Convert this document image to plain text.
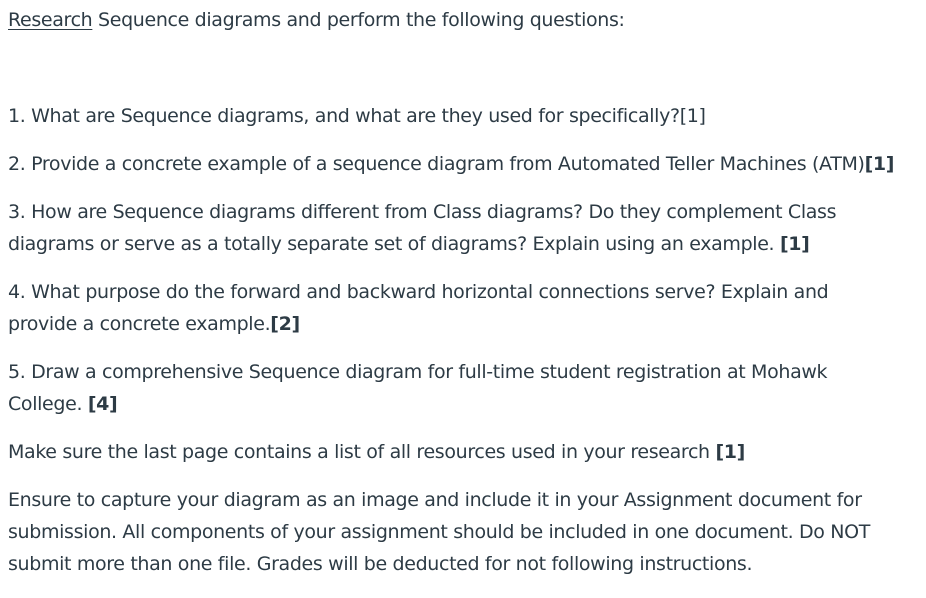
Research Sequence diagrams and perform the following questions:

1. What are Sequence diagrams, and what are they used for specifically?[1]

2. Provide a concrete example of a sequence diagram from Automated Teller Machines (ATM)[1]

3. How are Sequence diagrams different from Class diagrams? Do they complement Class
diagrams or serve as a totally separate set of diagrams? Explain using an example. [1]

4. What purpose do the forward and backward horizontal connections serve? Explain and
provide a concrete example.[2]

5. Draw a comprehensive Sequence diagram for full-time student registration at Mohawk
College. [4]

Make sure the last page contains a list of all resources used in your research [1]

Ensure to capture your diagram as an image and include it in your Assignment document for
submission. All components of your assignment should be included in one document. Do NOT
submit more than one file. Grades will be deducted for not following instructions.
